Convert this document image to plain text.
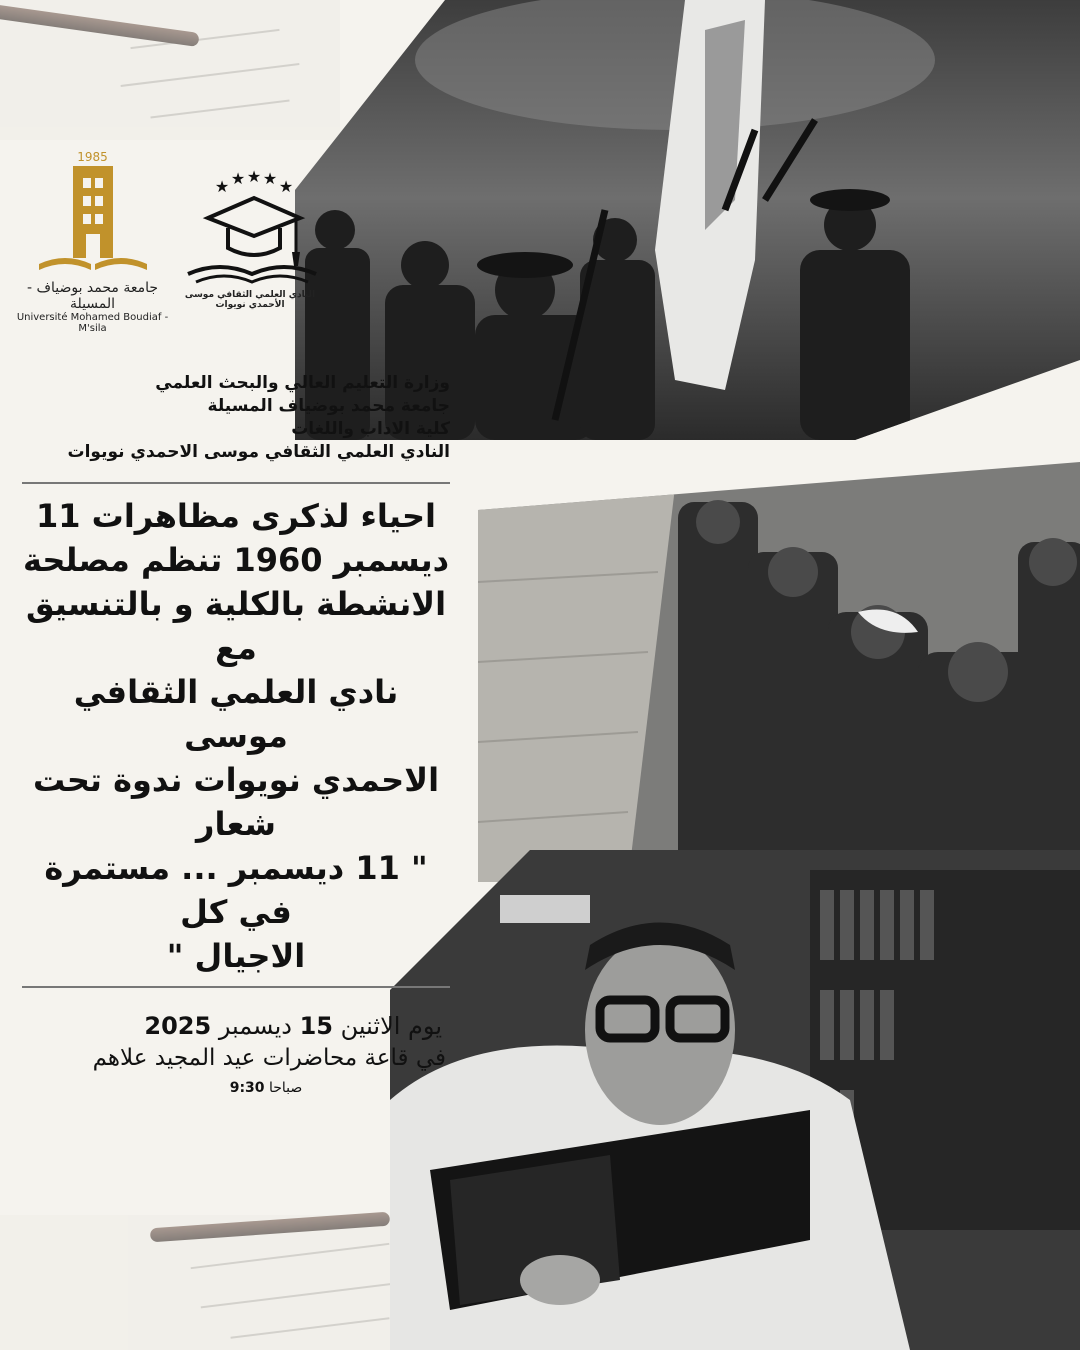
1985
جامعة محمد بوضياف - المسيلة
Université Mohamed Boudiaf - M'sila
★ ★ ★ ★ ★
النادي العلمي الثقافي موسى الأحمدي نويوات
وزارة التعليم العالي والبحث العلمي
جامعة محمد بوضياف المسيلة
كلية الاداب واللغات
النادي العلمي الثقافي موسى الاحمدي نويوات
احياء لذكرى مظاهرات 11
ديسمبر 1960 تنظم مصلحة
الانشطة بالكلية و بالتنسيق مع
نادي العلمي الثقافي موسى
الاحمدي نويوات ندوة تحت شعار
" 11 ديسمبر ... مستمرة في كل
الاجيال "
يوم الاثنين 15 ديسمبر 2025
في قاعة محاضرات عيد المجيد علاهم
صباحا 9:30
